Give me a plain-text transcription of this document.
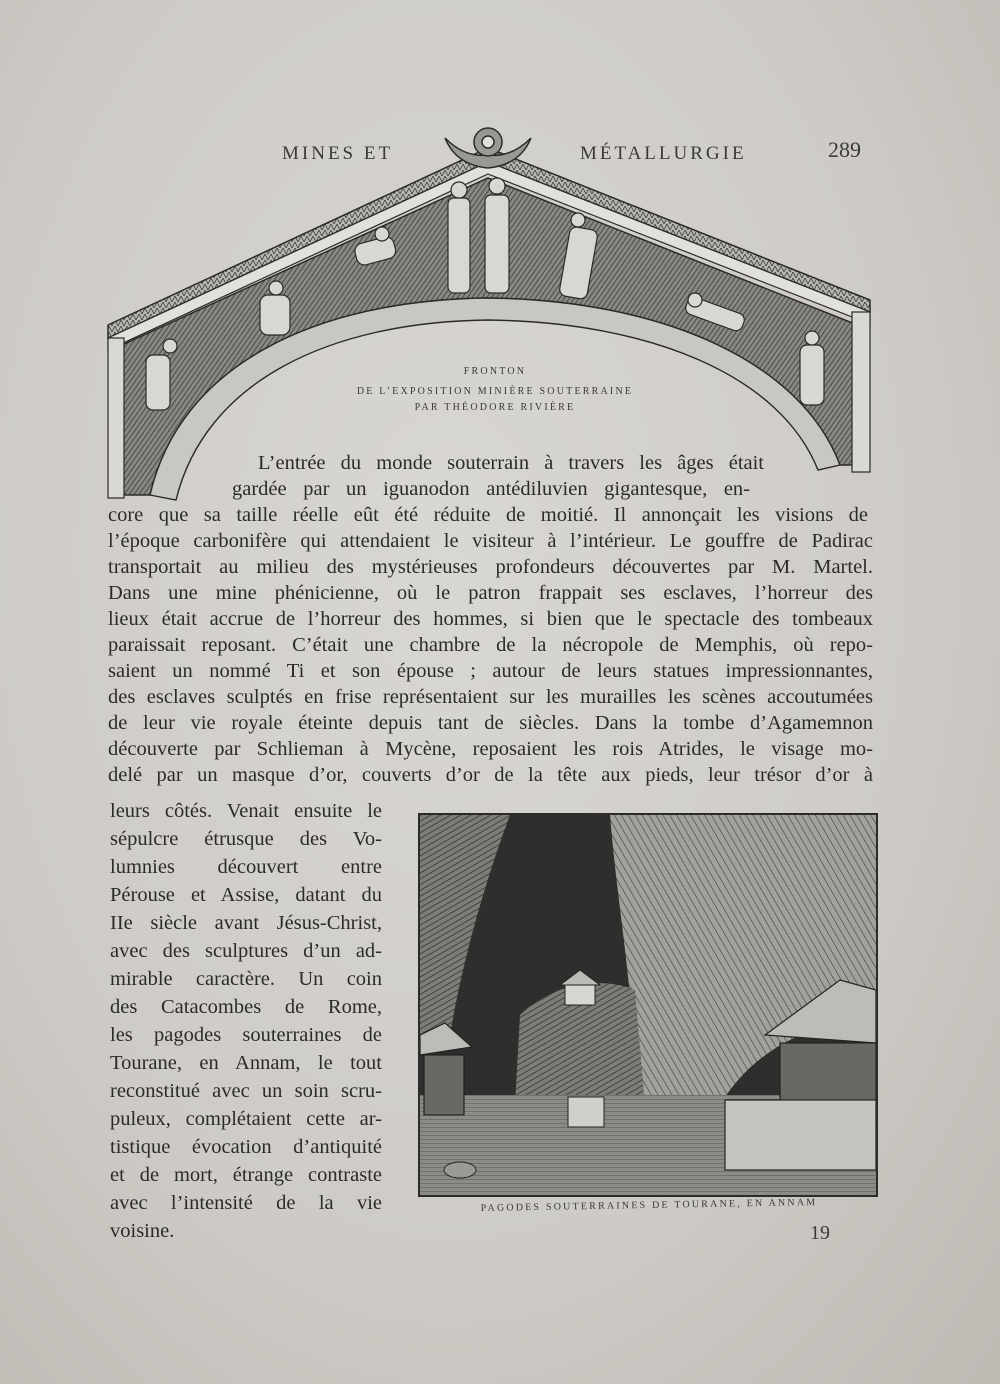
MINES ET	MÉTALLURGIE	289
FRONTON
DE L’EXPOSITION MINIÈRE SOUTERRAINE
PAR THÉODORE RIVIÈRE
L’entrée du monde souterrain à travers les âges était
gardée par un iguanodon antédiluvien gigantesque, en-
core que sa taille réelle eût été réduite de moitié. Il annonçait les visions de
l’époque carbonifère qui attendaient le visiteur à l’intérieur. Le gouffre de Padirac
transportait au milieu des mystérieuses profondeurs découvertes par M. Martel.
Dans une mine phénicienne, où le patron frappait ses esclaves, l’horreur des
lieux était accrue de l’horreur des hommes, si bien que le spectacle des tombeaux
paraissait reposant. C’était une chambre de la nécropole de Memphis, où repo-
saient un nommé Ti et son épouse ; autour de leurs statues impressionnantes,
des esclaves sculptés en frise représentaient sur les murailles les scènes accoutumées
de leur vie royale éteinte depuis tant de siècles. Dans la tombe d’Agamemnon
découverte par Schlieman à Mycène, reposaient les rois Atrides, le visage mo-
delé par un masque d’or, couverts d’or de la tête aux pieds, leur trésor d’or à
leurs côtés. Venait ensuite le
sépulcre étrusque des Vo-
lumnies découvert entre
Pérouse et Assise, datant du
IIe siècle avant Jésus-Christ,
avec des sculptures d’un ad-
mirable caractère. Un coin
des Catacombes de Rome,
les pagodes souterraines de
Tourane, en Annam, le tout
reconstitué avec un soin scru-
puleux, complétaient cette ar-
tistique évocation d’antiquité
et de mort, étrange contraste
avec l’intensité de la vie
voisine.
PAGODES SOUTERRAINES DE TOURANE, EN ANNAM
19
